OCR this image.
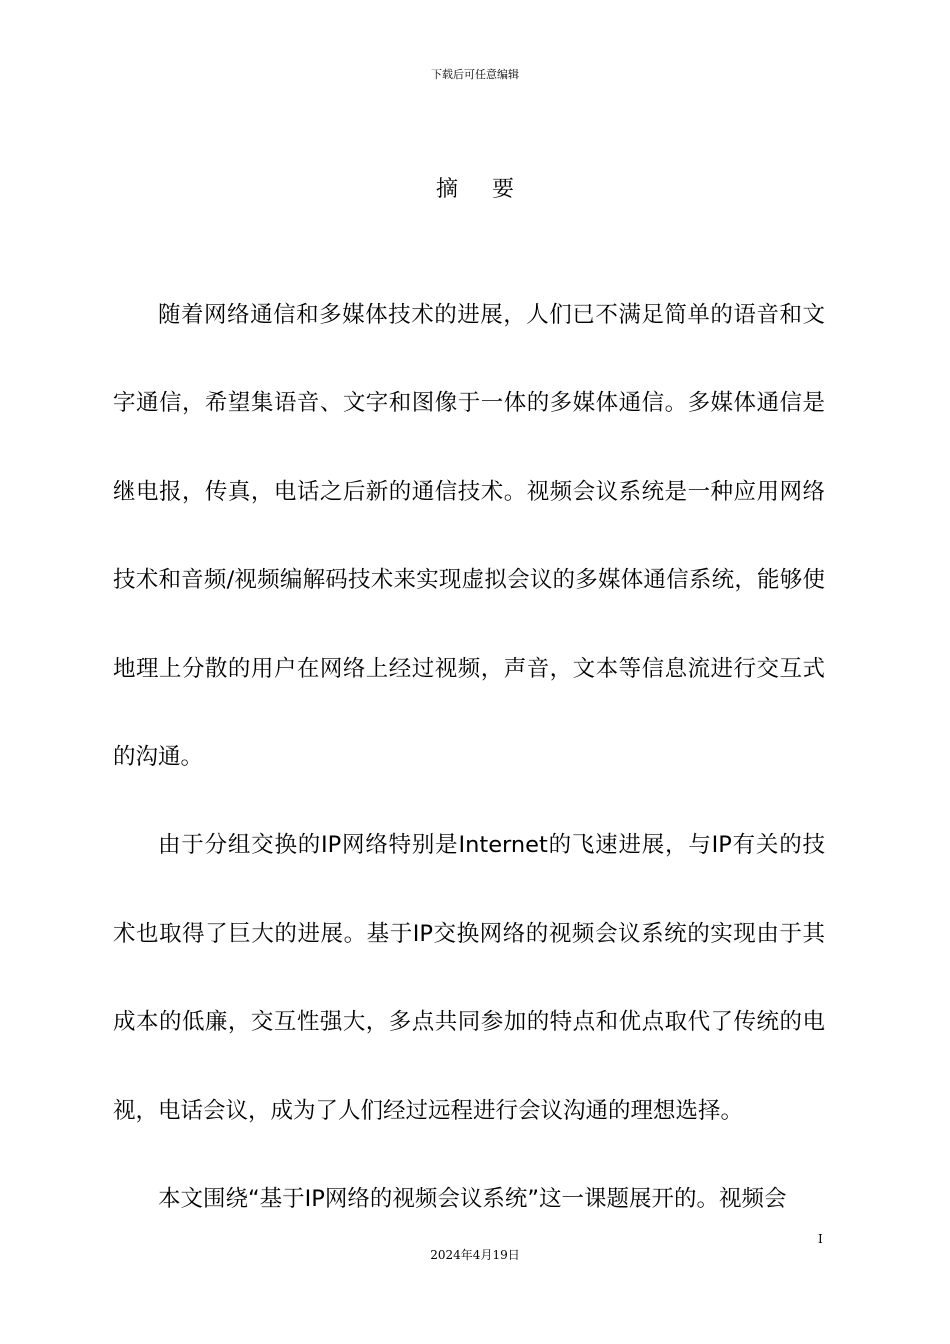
下载后可任意编辑
摘 要

随着网络通信和多媒体技术的进展，人们已不满足简单的语音和文字通信，希望集语音、文字和图像于一体的多媒体通信。多媒体通信是继电报，传真，电话之后新的通信技术。视频会议系统是一种应用网络技术和音频/视频编解码技术来实现虚拟会议的多媒体通信系统，能够使地理上分散的用户在网络上经过视频，声音，文本等信息流进行交互式的沟通。

由于分组交换的IP网络特别是Internet的飞速进展，与IP有关的技术也取得了巨大的进展。基于IP交换网络的视频会议系统的实现由于其成本的低廉，交互性强大，多点共同参加的特点和优点取代了传统的电视，电话会议，成为了人们经过远程进行会议沟通的理想选择。

本文围绕“基于IP网络的视频会议系统”这一课题展开的。视频会

I
2024年4月19日
